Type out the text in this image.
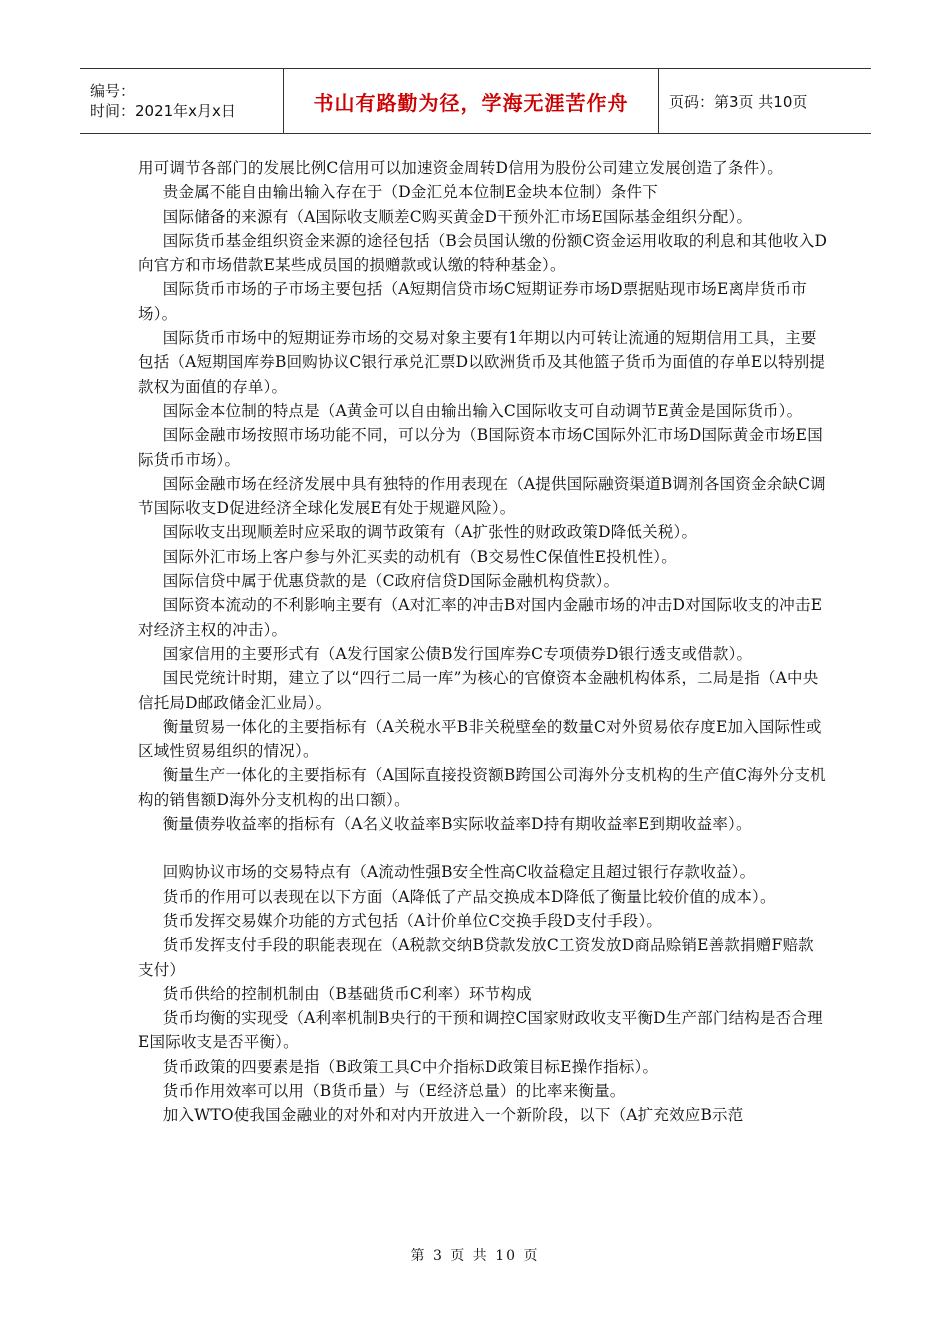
编号：
时间：2021年x月x日	书山有路勤为径，学海无涯苦作舟	页码：第3页 共10页

用可调节各部门的发展比例C信用可以加速资金周转D信用为股份公司建立发展创造了条件）。

贵金属不能自由输出输入存在于（D金汇兑本位制E金块本位制）条件下

国际储备的来源有（A国际收支顺差C购买黄金D干预外汇市场E国际基金组织分配）。

国际货币基金组织资金来源的途径包括（B会员国认缴的份额C资金运用收取的利息和其他收入D向官方和市场借款E某些成员国的损赠款或认缴的特种基金）。

国际货币市场的子市场主要包括（A短期信贷市场C短期证券市场D票据贴现市场E离岸货币市场）。

国际货币市场中的短期证券市场的交易对象主要有1年期以内可转让流通的短期信用工具，主要包括（A短期国库券B回购协议C银行承兑汇票D以欧洲货币及其他篮子货币为面值的存单E以特别提款权为面值的存单）。

国际金本位制的特点是（A黄金可以自由输出输入C国际收支可自动调节E黄金是国际货币）。

国际金融市场按照市场功能不同，可以分为（B国际资本市场C国际外汇市场D国际黄金市场E国际货币市场）。

国际金融市场在经济发展中具有独特的作用表现在（A提供国际融资渠道B调剂各国资金余缺C调节国际收支D促进经济全球化发展E有处于规避风险）。

国际收支出现顺差时应采取的调节政策有（A扩张性的财政政策D降低关税）。

国际外汇市场上客户参与外汇买卖的动机有（B交易性C保值性E投机性）。

国际信贷中属于优惠贷款的是（C政府信贷D国际金融机构贷款）。

国际资本流动的不利影响主要有（A对汇率的冲击B对国内金融市场的冲击D对国际收支的冲击E对经济主权的冲击）。

国家信用的主要形式有（A发行国家公债B发行国库券C专项债券D银行透支或借款）。

国民党统计时期，建立了以“四行二局一库”为核心的官僚资本金融机构体系，二局是指（A中央信托局D邮政储金汇业局）。

衡量贸易一体化的主要指标有（A关税水平B非关税壁垒的数量C对外贸易依存度E加入国际性或区域性贸易组织的情况）。

衡量生产一体化的主要指标有（A国际直接投资额B跨国公司海外分支机构的生产值C海外分支机构的销售额D海外分支机构的出口额）。

衡量债券收益率的指标有（A名义收益率B实际收益率D持有期收益率E到期收益率）。

回购协议市场的交易特点有（A流动性强B安全性高C收益稳定且超过银行存款收益）。

货币的作用可以表现在以下方面（A降低了产品交换成本D降低了衡量比较价值的成本）。

货币发挥交易媒介功能的方式包括（A计价单位C交换手段D支付手段）。

货币发挥支付手段的职能表现在（A税款交纳B贷款发放C工资发放D商品赊销E善款捐赠F赔款支付）

货币供给的控制机制由（B基础货币C利率）环节构成

货币均衡的实现受（A利率机制B央行的干预和调控C国家财政收支平衡D生产部门结构是否合理E国际收支是否平衡）。

货币政策的四要素是指（B政策工具C中介指标D政策目标E操作指标）。

货币作用效率可以用（B货币量）与（E经济总量）的比率来衡量。

加入WTO使我国金融业的对外和对内开放进入一个新阶段，以下（A扩充效应B示范

第 3 页 共 10 页
